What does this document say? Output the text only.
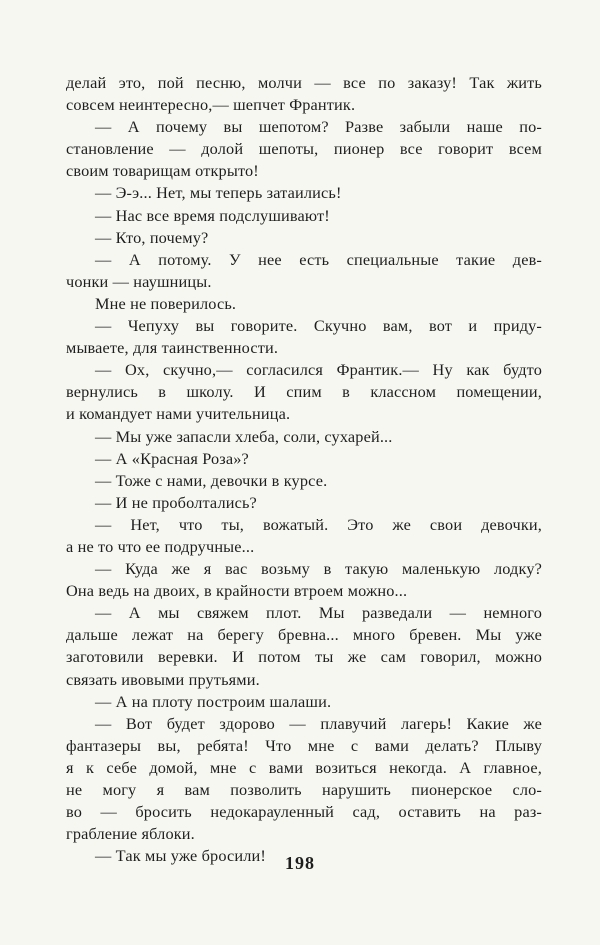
делай это, пой песню, молчи — все по заказу! Так жить
совсем неинтересно,— шепчет Франтик.
— А почему вы шепотом? Разве забыли наше по-
становление — долой шепоты, пионер все говорит всем
своим товарищам открыто!
— Э-э... Нет, мы теперь затаились!
— Нас все время подслушивают!
— Кто, почему?
— А потому. У нее есть специальные такие дев-
чонки — наушницы.
Мне не поверилось.
— Чепуху вы говорите. Скучно вам, вот и приду-
мываете, для таинственности.
— Ох, скучно,— согласился Франтик.— Ну как будто
вернулись в школу. И спим в классном помещении,
и командует нами учительница.
— Мы уже запасли хлеба, соли, сухарей...
— А «Красная Роза»?
— Тоже с нами, девочки в курсе.
— И не проболтались?
— Нет, что ты, вожатый. Это же свои девочки,
а не то что ее подручные...
— Куда же я вас возьму в такую маленькую лодку?
Она ведь на двоих, в крайности втроем можно...
— А мы свяжем плот. Мы разведали — немного
дальше лежат на берегу бревна... много бревен. Мы уже
заготовили веревки. И потом ты же сам говорил, можно
связать ивовыми прутьями.
— А на плоту построим шалаши.
— Вот будет здорово — плавучий лагерь! Какие же
фантазеры вы, ребята! Что мне с вами делать? Плыву
я к себе домой, мне с вами возиться некогда. А главное,
не могу я вам позволить нарушить пионерское сло-
во — бросить недокарауленный сад, оставить на раз-
грабление яблоки.
— Так мы уже бросили!	198
